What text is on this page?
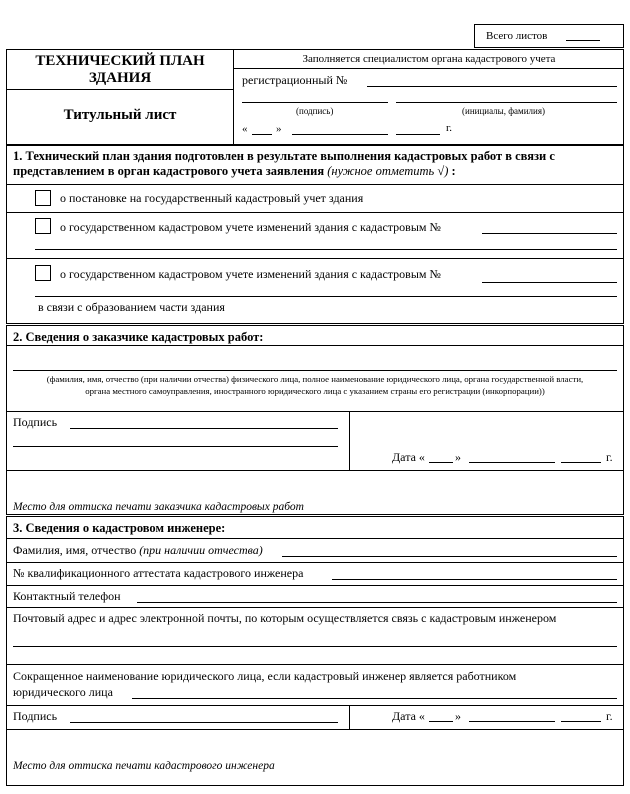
Всего листов
ТЕХНИЧЕСКИЙ ПЛАН
ЗДАНИЯ
Титульный лист
Заполняется специалистом органа кадастрового учета
регистрационный №
(подпись)	(инициалы, фамилия)
«	»	г.
1. Технический план здания подготовлен в результате выполнения кадастровых работ в связи с
представлением в орган кадастрового учета заявления (нужное отметить √) :
о постановке на государственный кадастровый учет здания
о государственном кадастровом учете изменений здания с кадастровым №
о государственном кадастровом учете изменений здания с кадастровым №
в связи с образованием части здания
2. Сведения о заказчике кадастровых работ:
(фамилия, имя, отчество (при наличии отчества) физического лица, полное наименование юридического лица, органа государственной власти,
органа местного самоуправления, иностранного юридического лица с указанием страны его регистрации (инкорпорации))
Подпись
Дата «	»	г.
Место для оттиска печати заказчика кадастровых работ
3. Сведения о кадастровом инженере:
Фамилия, имя, отчество (при наличии отчества)
№ квалификационного аттестата кадастрового инженера
Контактный телефон
Почтовый адрес и адрес электронной почты, по которым осуществляется связь с кадастровым инженером
Сокращенное наименование юридического лица, если кадастровый инженер является работником
юридического лица
Подпись	Дата «	»	г.
Место для оттиска печати кадастрового инженера
